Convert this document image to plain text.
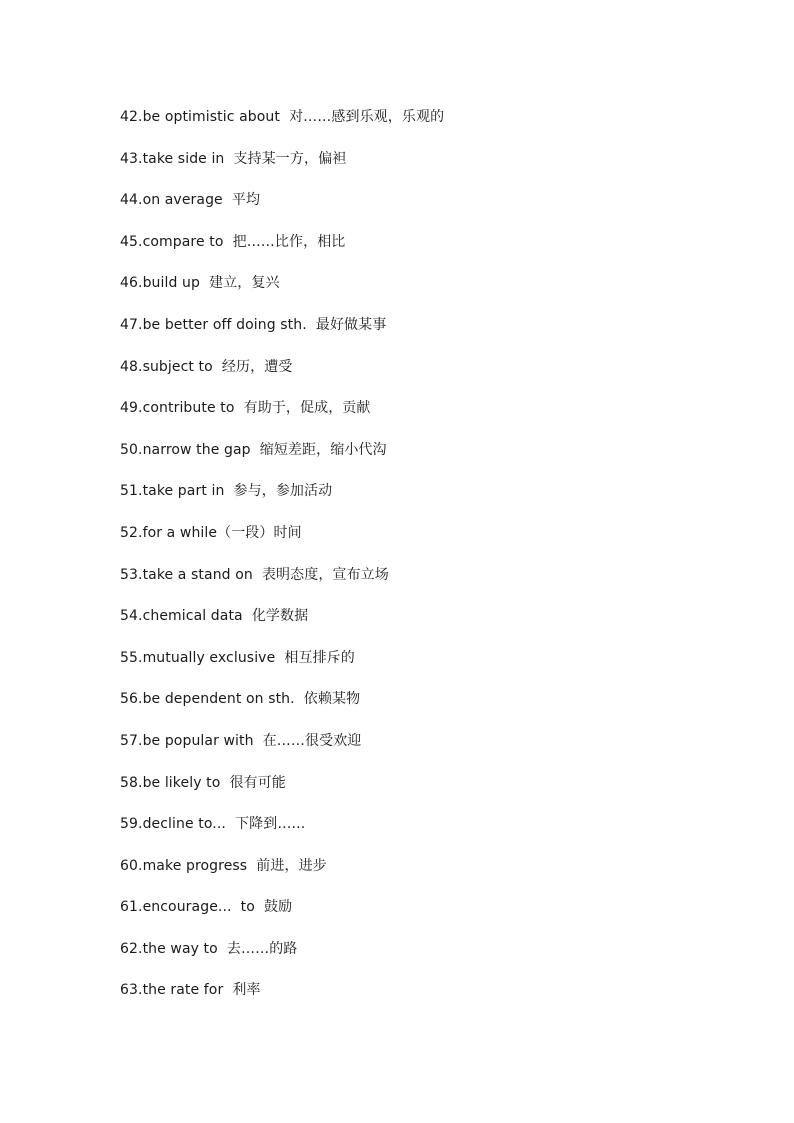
42.be optimistic about  对……感到乐观，乐观的
43.take side in  支持某一方，偏袒
44.on average  平均
45.compare to  把……比作，相比
46.build up  建立，复兴
47.be better off doing sth.  最好做某事
48.subject to  经历，遭受
49.contribute to  有助于，促成，贡献
50.narrow the gap  缩短差距，缩小代沟
51.take part in  参与，参加活动
52.for a while（一段）时间
53.take a stand on  表明态度，宣布立场
54.chemical data  化学数据
55.mutually exclusive  相互排斥的
56.be dependent on sth.  依赖某物
57.be popular with  在……很受欢迎
58.be likely to  很有可能
59.decline to...  下降到……
60.make progress  前进，进步
61.encourage...  to  鼓励
62.the way to  去……的路
63.the rate for  利率
